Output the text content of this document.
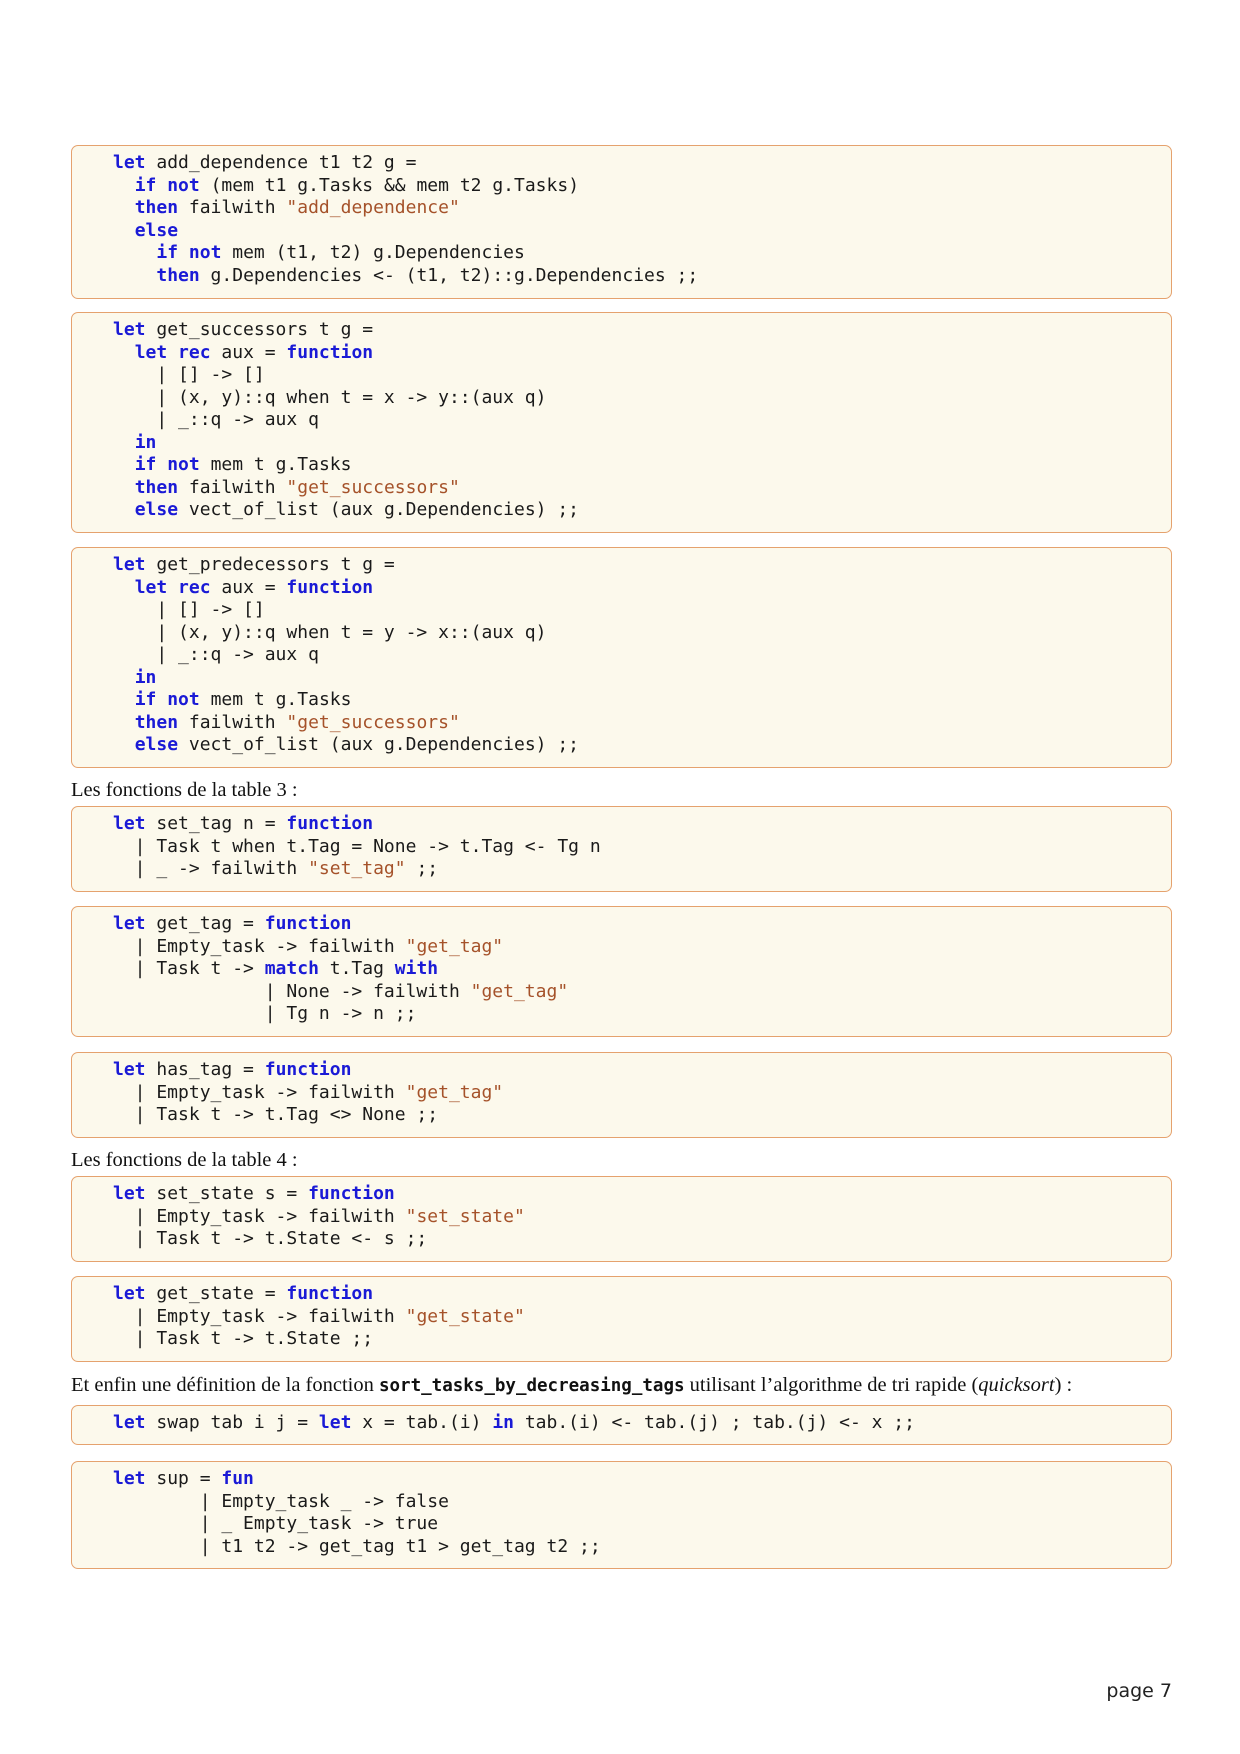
let add_dependence t1 t2 g =
if not (mem t1 g.Tasks && mem t2 g.Tasks)
then failwith "add_dependence"
else
if not mem (t1, t2) g.Dependencies
then g.Dependencies <- (t1, t2)::g.Dependencies ;;
let get_successors t g =
let rec aux = function
| [] -> []
| (x, y)::q when t = x -> y::(aux q)
| _::q -> aux q
in
if not mem t g.Tasks
then failwith "get_successors"
else vect_of_list (aux g.Dependencies) ;;
let get_predecessors t g =
let rec aux = function
| [] -> []
| (x, y)::q when t = y -> x::(aux q)
| _::q -> aux q
in
if not mem t g.Tasks
then failwith "get_successors"
else vect_of_list (aux g.Dependencies) ;;
Les fonctions de la table 3 :
let set_tag n = function
| Task t when t.Tag = None -> t.Tag <- Tg n
| _ -> failwith "set_tag" ;;
let get_tag = function
| Empty_task -> failwith "get_tag"
| Task t -> match t.Tag with
| None -> failwith "get_tag"
| Tg n -> n ;;
let has_tag = function
| Empty_task -> failwith "get_tag"
| Task t -> t.Tag <> None ;;
Les fonctions de la table 4 :
let set_state s = function
| Empty_task -> failwith "set_state"
| Task t -> t.State <- s ;;
let get_state = function
| Empty_task -> failwith "get_state"
| Task t -> t.State ;;
Et enfin une définition de la fonction sort_tasks_by_decreasing_tags utilisant l’algorithme de tri rapide (quicksort) :
let swap tab i j = let x = tab.(i) in tab.(i) <- tab.(j) ; tab.(j) <- x ;;
let sup = fun
| Empty_task _ -> false
| _ Empty_task -> true
| t1 t2 -> get_tag t1 > get_tag t2 ;;
page 7
